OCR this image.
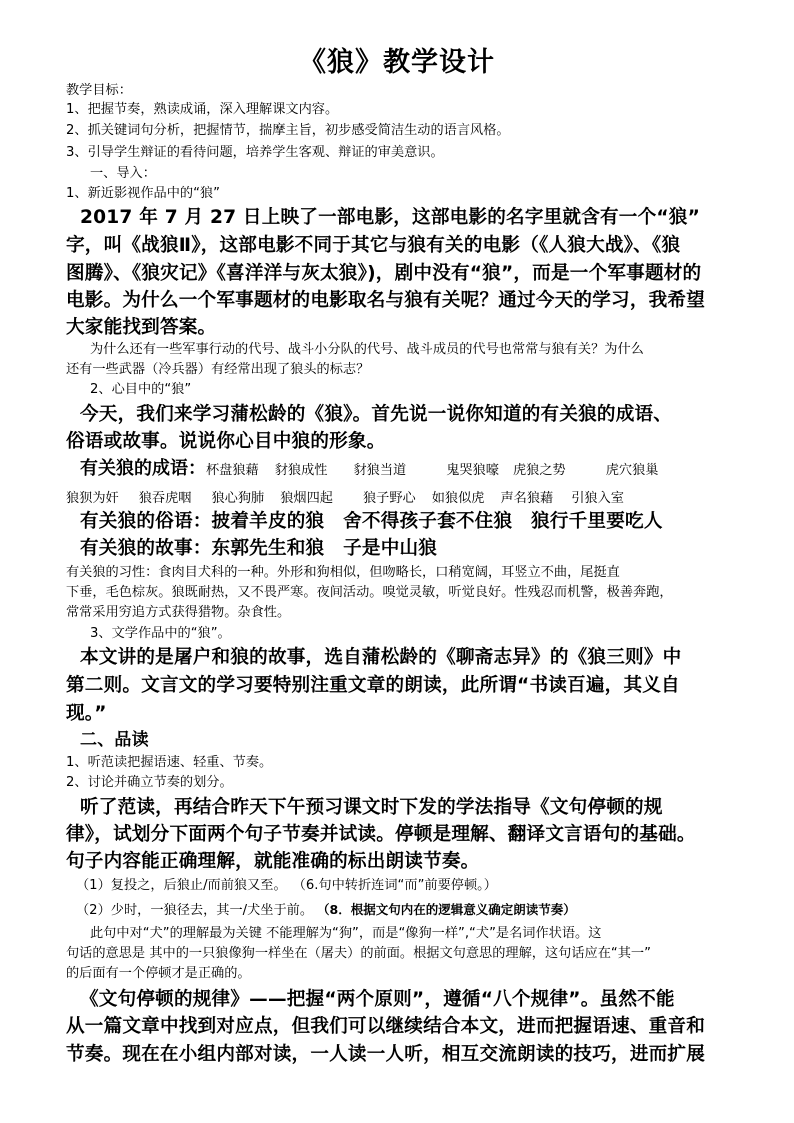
《狼》教学设计
教学目标：
1、把握节奏，熟读成诵，深入理解课文内容。
2、抓关键词句分析，把握情节，揣摩主旨，初步感受简洁生动的语言风格。
3、引导学生辩证的看待问题，培养学生客观、辩证的审美意识。
一、导入：
1、新近影视作品中的“狼”
2017 年 7 月 27 日上映了一部电影，这部电影的名字里就含有一个“狼”
字，叫《战狼Ⅱ》，这部电影不同于其它与狼有关的电影（《人狼大战》、《狼
图腾》、《狼灾记》《喜洋洋与灰太狼》)，剧中没有“狼”，而是一个军事题材的
电影。为什么一个军事题材的电影取名与狼有关呢？通过今天的学习，我希望
大家能找到答案。
为什么还有一些军事行动的代号、战斗小分队的代号、战斗成员的代号也常常与狼有关？为什么
还有一些武器（冷兵器）有经常出现了狼头的标志？
2、心目中的“狼”
今天，我们来学习蒲松龄的《狼》。首先说一说你知道的有关狼的成语、
俗语或故事。说说你心目中狼的形象。
有关狼的成语：杯盘狼藉 豺狼成性 豺狼当道	鬼哭狼嚎 虎狼之势	虎穴狼巢
狼狈为奸 狼吞虎咽 狼心狗肺 狼烟四起 狼子野心 如狼似虎 声名狼藉 引狼入室
有关狼的俗语：披着羊皮的狼　舍不得孩子套不住狼　狼行千里要吃人
有关狼的故事：东郭先生和狼　子是中山狼
有关狼的习性：食肉目犬科的一种。外形和狗相似，但吻略长，口稍宽阔，耳竖立不曲，尾挺直
下垂，毛色棕灰。狼既耐热，又不畏严寒。夜间活动。嗅觉灵敏，听觉良好。性残忍而机警，极善奔跑，
常常采用穷追方式获得猎物。杂食性。
3、文学作品中的“狼”。
本文讲的是屠户和狼的故事，选自蒲松龄的《聊斋志异》的《狼三则》中
第二则。文言文的学习要特别注重文章的朗读，此所谓“书读百遍，其义自
现。”
二、品读
1、听范读把握语速、轻重、节奏。
2、讨论并确立节奏的划分。
听了范读，再结合昨天下午预习课文时下发的学法指导《文句停顿的规
律》，试划分下面两个句子节奏并试读。停顿是理解、翻译文言语句的基础。
句子内容能正确理解，就能准确的标出朗读节奏。
（1）复投之，后狼止/而前狼又至。 （6.句中转折连词“而”前要停顿。）
（2）少时，一狼径去，其一/犬坐于前。 （8．根据文句内在的逻辑意义确定朗读节奏）
此句中对“犬”的理解最为关键 不能理解为“狗”，而是“像狗一样”,“犬”是名词作状语。这
句话的意思是 其中的一只狼像狗一样坐在（屠夫）的前面。根据文句意思的理解，这句话应在“其一”
的后面有一个停顿才是正确的。
《文句停顿的规律》——把握“两个原则”，遵循“八个规律”。虽然不能
从一篇文章中找到对应点，但我们可以继续结合本文，进而把握语速、重音和
节奏。现在在小组内部对读，一人读一人听，相互交流朗读的技巧，进而扩展
